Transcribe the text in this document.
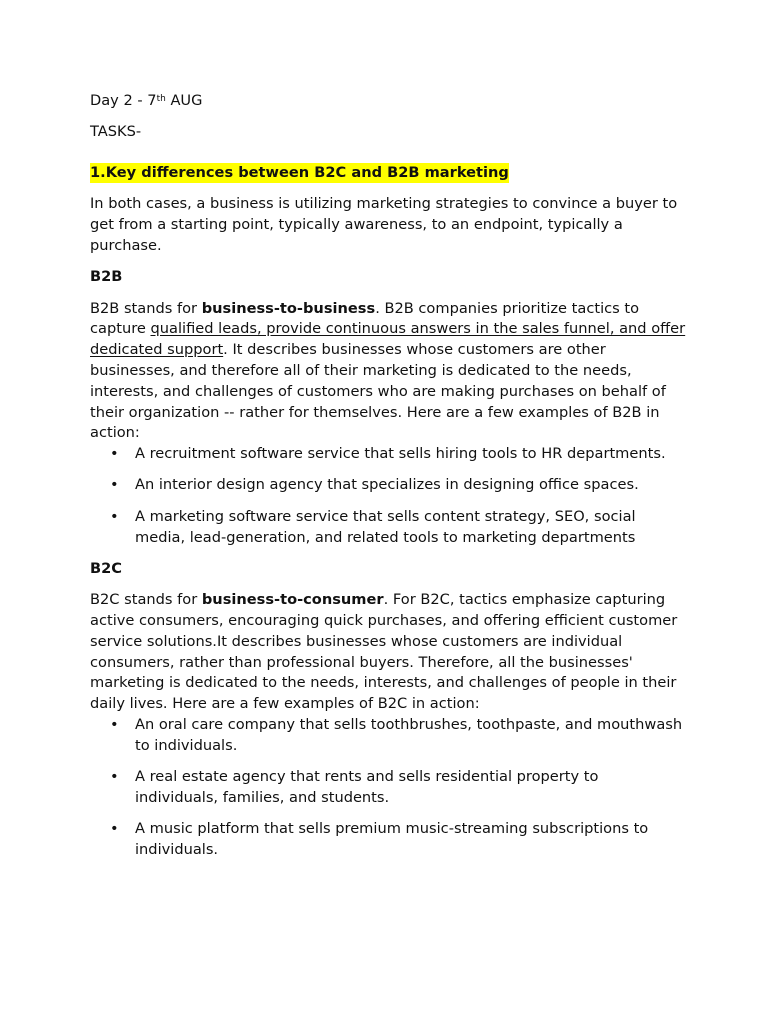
Day 2 - 7th AUG

TASKS-

1.Key differences between B2C and B2B marketing

In both cases, a business is utilizing marketing strategies to convince a buyer to get from a starting point, typically awareness, to an endpoint, typically a purchase.

B2B

B2B stands for business-to-business. B2B companies prioritize tactics to capture qualified leads, provide continuous answers in the sales funnel, and offer dedicated support. It describes businesses whose customers are other businesses, and therefore all of their marketing is dedicated to the needs, interests, and challenges of customers who are making purchases on behalf of their organization -- rather for themselves. Here are a few examples of B2B in action:

• A recruitment software service that sells hiring tools to HR departments.
• An interior design agency that specializes in designing office spaces.
• A marketing software service that sells content strategy, SEO, social media, lead-generation, and related tools to marketing departments

B2C

B2C stands for business-to-consumer. For B2C, tactics emphasize capturing active consumers, encouraging quick purchases, and offering efficient customer service solutions.It describes businesses whose customers are individual consumers, rather than professional buyers. Therefore, all the businesses' marketing is dedicated to the needs, interests, and challenges of people in their daily lives. Here are a few examples of B2C in action:

• An oral care company that sells toothbrushes, toothpaste, and mouthwash to individuals.
• A real estate agency that rents and sells residential property to individuals, families, and students.
• A music platform that sells premium music-streaming subscriptions to individuals.
